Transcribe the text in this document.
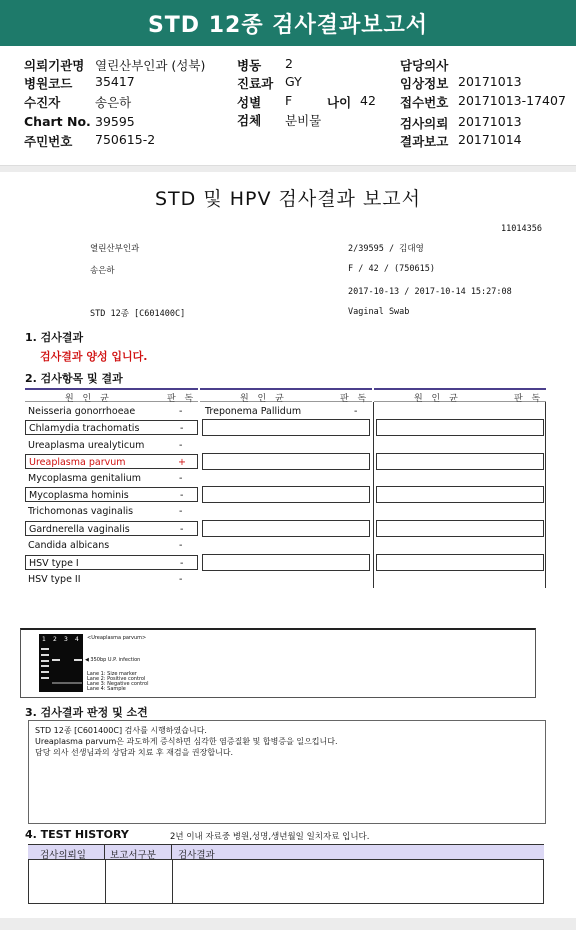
STD 12종 검사결과보고서
의뢰기관명 열린산부인과 (성북)
병원코드 35417
수진자	송은하
Chart No. 39595
주민번호 750615-2
병동 2
진료과 GY
성별 F	나이 42
검체 분비물
담당의사
임상정보 20171013
접수번호 20171013-17407
검사의뢰 20171013
결과보고 20171014
STD 및 HPV 검사결과 보고서
11014356
열린산부인과	2/39595 / 김대영
송은하	F / 42 / (750615)
2017-10-13 / 2017-10-14 15:27:08
STD 12종 [C601400C]	Vaginal Swab
1. 검사결과
검사결과 양성 입니다.
2. 검사항목 및 결과
원 인 균	판 독	원 인 균	판 독	원 인 균	판 독
Neisseria gonorrhoeae	-
Chlamydia trachomatis	-
Ureaplasma urealyticum	-
Ureaplasma parvum	+
Mycoplasma genitalium	-
Mycoplasma hominis	-
Trichomonas vaginalis	-
Gardnerella vaginalis	-
Candida albicans	-
HSV type I	-
HSV type II	-
Treponema Pallidum	-
1 2 3 4 <Ureaplasma parvum>
◀ 350bp U.P. infection
Lane 1: Size marker
Lane 2: Positive control
Lane 3: Negative control
Lane 4: Sample
3. 검사결과 판정 및 소견
STD 12종 [C601400C] 검사를 시행하였습니다.
Ureaplasma parvum은 과도하게 증식하면 심각한 염증질환 및 합병증을 일으킵니다.
담당 의사 선생님과의 상담과 치료 후 재검을 권장합니다.
4. TEST HISTORY	2년 이내 자료중 병원,성명,생년월일 일치자료 입니다.
검사의뢰일	보고서구분 검사결과
